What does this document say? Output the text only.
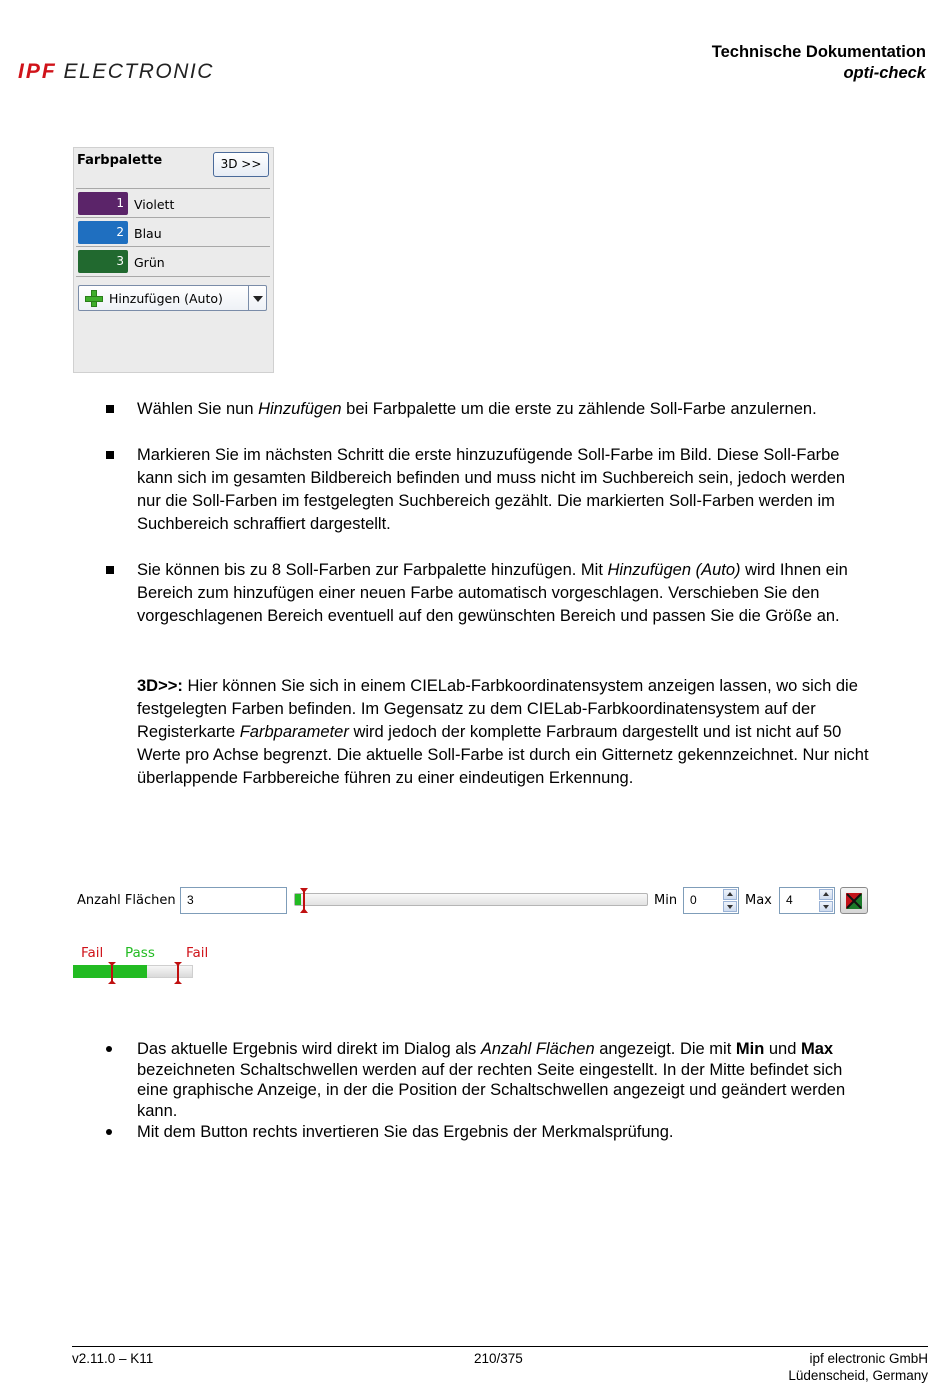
IPF ELECTRONIC
Technische Dokumentation
opti-check
Farbpalette	3D >>
1 Violett
2 Blau
3 Grün
Hinzufügen (Auto)
Wählen Sie nun Hinzufügen bei Farbpalette um die erste zu zählende Soll-Farbe anzulernen.
Markieren Sie im nächsten Schritt die erste hinzuzufügende Soll-Farbe im Bild. Diese Soll-Farbe
kann sich im gesamten Bildbereich befinden und muss nicht im Suchbereich sein, jedoch werden
nur die Soll-Farben im festgelegten Suchbereich gezählt. Die markierten Soll-Farben werden im
Suchbereich schraffiert dargestellt.
Sie können bis zu 8 Soll-Farben zur Farbpalette hinzufügen. Mit Hinzufügen (Auto) wird Ihnen ein
Bereich zum hinzufügen einer neuen Farbe automatisch vorgeschlagen. Verschieben Sie den
vorgeschlagenen Bereich eventuell auf den gewünschten Bereich und passen Sie die Größe an.
3D>>: Hier können Sie sich in einem CIELab-Farbkoordinatensystem anzeigen lassen, wo sich die
festgelegten Farben befinden. Im Gegensatz zu dem CIELab-Farbkoordinatensystem auf der
Registerkarte Farbparameter wird jedoch der komplette Farbraum dargestellt und ist nicht auf 50
Werte pro Achse begrenzt. Die aktuelle Soll-Farbe ist durch ein Gitternetz gekennzeichnet. Nur nicht
überlappende Farbbereiche führen zu einer eindeutigen Erkennung.
Anzahl Flächen 3	Min	0	Max	4
Fail Pass Fail
Das aktuelle Ergebnis wird direkt im Dialog als Anzahl Flächen angezeigt. Die mit Min und Max
bezeichneten Schaltschwellen werden auf der rechten Seite eingestellt. In der Mitte befindet sich
eine graphische Anzeige, in der die Position der Schaltschwellen angezeigt und geändert werden
kann.
Mit dem Button rechts invertieren Sie das Ergebnis der Merkmalsprüfung.
v2.11.0 – K11	210/375	ipf electronic GmbH
Lüdenscheid, Germany
